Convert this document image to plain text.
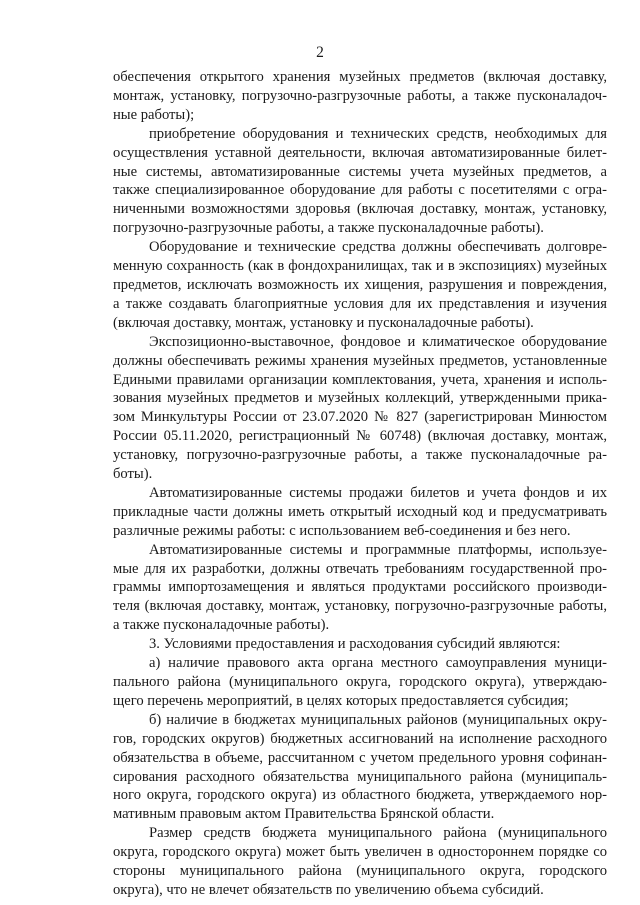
2
обеспечения открытого хранения музейных предметов (включая доставку,
монтаж, установку, погрузочно-разгрузочные работы, а также пусконаладоч-
ные работы);
приобретение оборудования и технических средств, необходимых для
осуществления уставной деятельности, включая автоматизированные билет-
ные системы, автоматизированные системы учета музейных предметов, а
также специализированное оборудование для работы с посетителями с огра-
ниченными возможностями здоровья (включая доставку, монтаж, установку,
погрузочно-разгрузочные работы, а также пусконаладочные работы).
Оборудование и технические средства должны обеспечивать долговре-
менную сохранность (как в фондохранилищах, так и в экспозициях) музейных
предметов, исключать возможность их хищения, разрушения и повреждения,
а также создавать благоприятные условия для их представления и изучения
(включая доставку, монтаж, установку и пусконаладочные работы).
Экспозиционно-выставочное, фондовое и климатическое оборудование
должны обеспечивать режимы хранения музейных предметов, установленные
Едиными правилами организации комплектования, учета, хранения и исполь-
зования музейных предметов и музейных коллекций, утвержденными прика-
зом Минкультуры России от 23.07.2020 № 827 (зарегистрирован Минюстом
России 05.11.2020, регистрационный № 60748) (включая доставку, монтаж,
установку, погрузочно-разгрузочные работы, а также пусконаладочные ра-
боты).
Автоматизированные системы продажи билетов и учета фондов и их
прикладные части должны иметь открытый исходный код и предусматривать
различные режимы работы: с использованием веб-соединения и без него.
Автоматизированные системы и программные платформы, используе-
мые для их разработки, должны отвечать требованиям государственной про-
граммы импортозамещения и являться продуктами российского производи-
теля (включая доставку, монтаж, установку, погрузочно-разгрузочные работы,
а также пусконаладочные работы).
3. Условиями предоставления и расходования субсидий являются:
а) наличие правового акта органа местного самоуправления муници-
пального района (муниципального округа, городского округа), утверждаю-
щего перечень мероприятий, в целях которых предоставляется субсидия;
б) наличие в бюджетах муниципальных районов (муниципальных окру-
гов, городских округов) бюджетных ассигнований на исполнение расходного
обязательства в объеме, рассчитанном с учетом предельного уровня софинан-
сирования расходного обязательства муниципального района (муниципаль-
ного округа, городского округа) из областного бюджета, утверждаемого нор-
мативным правовым актом Правительства Брянской области.
Размер средств бюджета муниципального района (муниципального
округа, городского округа) может быть увеличен в одностороннем порядке со
стороны муниципального района (муниципального округа, городского
округа), что не влечет обязательств по увеличению объема субсидий.
